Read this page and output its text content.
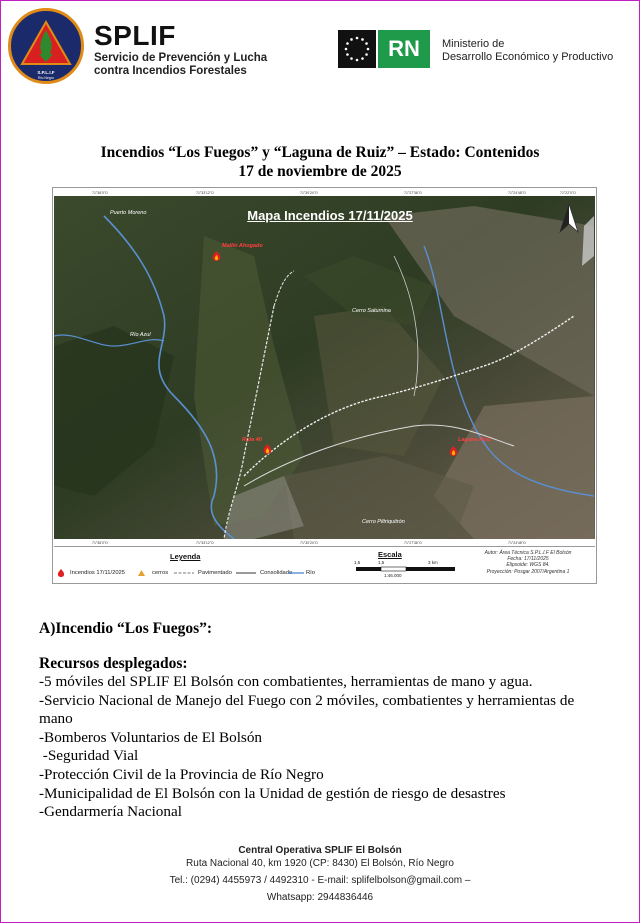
S.P.L.I.F
Río Negro
SPLIF
Servicio de Prevención y Lucha
contra Incendios Forestales
RN	Ministerio de
Desarrollo Económico y Productivo
Incendios “Los Fuegos” y “Laguna de Ruiz” – Estado: Contenidos
17 de noviembre de 2025
71°36'0"O	71°33'12"O	71°30'24"O	71°27'36"O	71°24'48"O	71°22'0"O
71°36'0"O	71°33'12"O	71°30'24"O	71°27'36"O	71°24'48"O
Mapa Incendios 17/11/2025
Puerto Moreno
Cerro Saturnina
Cerro Piltriquitrón
Río Azul
Mallín Ahogado
Ruta 40	Laguna Ruiz
Leyenda
Incendios 17/11/2025	cerros	Pavimentado	Consolidado Río
Escala
1,5	1,5	3 km
1:46.000
Autor: Área Técnica S.P.L.I.F El Bolsón
Fecha: 17/11/2025
Elipsoide: WGS 84.
Proyección: Posgar 2007/Argentina 1
A)Incendio “Los Fuegos”:
Recursos desplegados:
-5 móviles del SPLIF El Bolsón con combatientes, herramientas de mano y agua.
-Servicio Nacional de Manejo del Fuego con 2 móviles, combatientes y herramientas de mano
-Bomberos Voluntarios de El Bolsón
-Seguridad Vial
-Protección Civil de la Provincia de Río Negro
-Municipalidad de El Bolsón con la Unidad de gestión de riesgo de desastres
-Gendarmería Nacional
Central Operativa SPLIF El Bolsón
Ruta Nacional 40, km 1920 (CP: 8430) El Bolsón, Río Negro
Tel.: (0294) 4455973 / 4492310 - E-mail: splifelbolson@gmail.com –
Whatsapp: 2944836446
